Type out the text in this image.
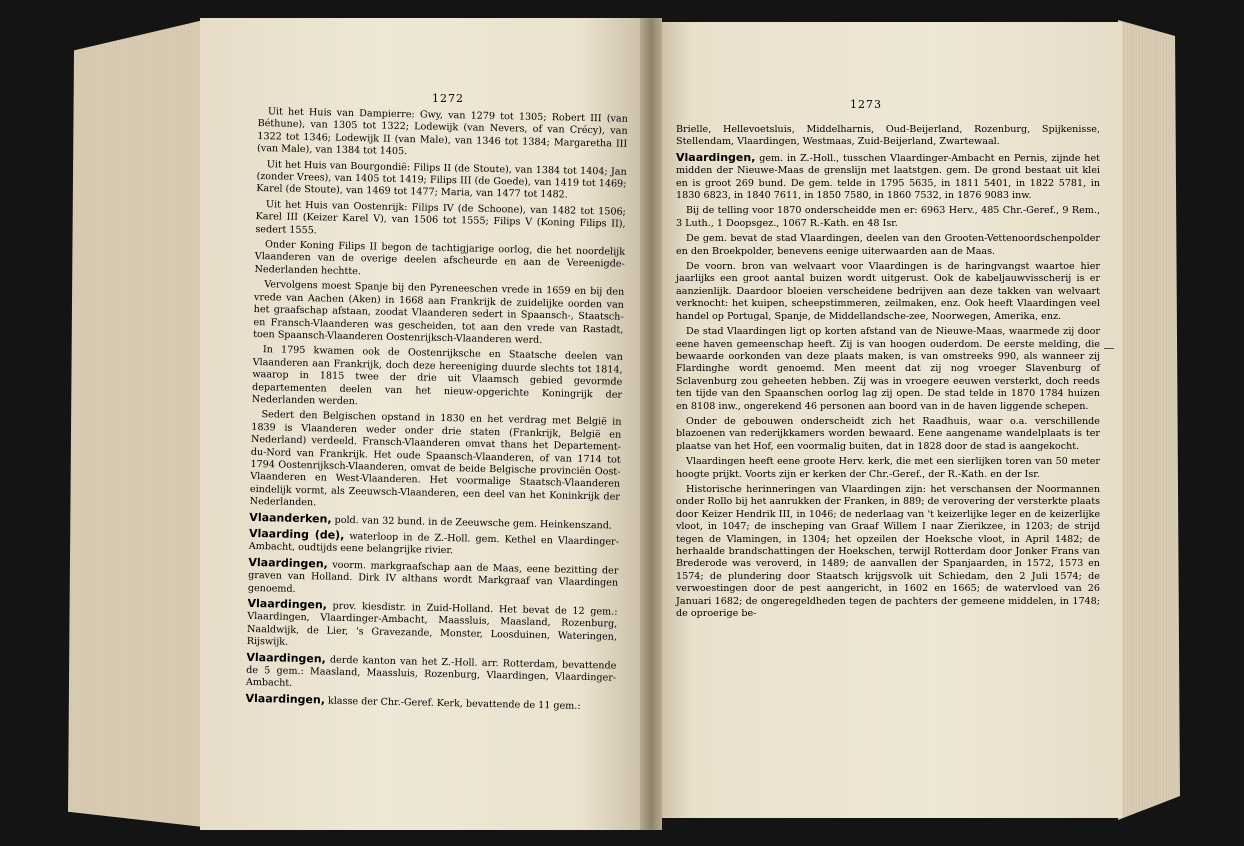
1272	1273

Uit het Huis van Dampierre: Gwy, van 1279 tot 1305; Robert III (van Béthune), van 1305 tot 1322; Lodewijk (van Nevers, of van Crécy), van 1322 tot 1346; Lodewijk II (van Male), van 1346 tot 1384; Margaretha III (van Male), van 1384 tot 1405.

Uit het Huis van Bourgondië: Filips II (de Stoute), van 1384 tot 1404; Jan (zonder Vrees), van 1405 tot 1419; Filips III (de Goede), van 1419 tot 1469; Karel (de Stoute), van 1469 tot 1477; Maria, van 1477 tot 1482.

Uit het Huis van Oostenrijk: Filips IV (de Schoone), van 1482 tot 1506; Karel III (Keizer Karel V), van 1506 tot 1555; Filips V (Koning Filips II), sedert 1555.

Onder Koning Filips II begon de tachtigjarige oorlog, die het noordelijk Vlaanderen van de overige deelen afscheurde en aan de Vereenigde-Nederlanden hechtte.

Vervolgens moest Spanje bij den Pyreneeschen vrede in 1659 en bij den vrede van Aachen (Aken) in 1668 aan Frankrijk de zuidelijke oorden van het graafschap afstaan, zoodat Vlaanderen sedert in Spaansch-, Staatsch- en Fransch-Vlaanderen was gescheiden, tot aan den vrede van Rastadt, toen Spaansch-Vlaanderen Oostenrijksch-Vlaanderen werd.

In 1795 kwamen ook de Oostenrijksche en Staatsche deelen van Vlaanderen aan Frankrijk, doch deze hereeniging duurde slechts tot 1814, waarop in 1815 twee der drie uit Vlaamsch gebied gevormde departementen deelen van het nieuw-opgerichte Koningrijk der Nederlanden werden.

Sedert den Belgischen opstand in 1830 en het verdrag met België in 1839 is Vlaanderen weder onder drie staten (Frankrijk, België en Nederland) verdeeld. Fransch-Vlaanderen omvat thans het Departement-du-Nord van Frankrijk. Het oude Spaansch-Vlaanderen, of van 1714 tot 1794 Oostenrijksch-Vlaanderen, omvat de beide Belgische provinciën Oost-Vlaanderen en West-Vlaanderen. Het voormalige Staatsch-Vlaanderen eindelijk vormt, als Zeeuwsch-Vlaanderen, een deel van het Koninkrijk der Nederlanden.

Vlaanderken, pold. van 32 bund. in de Zeeuwsche gem. Heinkenszand.

Vlaarding (de), waterloop in de Z.-Holl. gem. Kethel en Vlaardinger-Ambacht, oudtijds eene belangrijke rivier.

Vlaardingen, voorm. markgraafschap aan de Maas, eene bezitting der graven van Holland. Dirk IV althans wordt Markgraaf van Vlaardingen genoemd.

Vlaardingen, prov. kiesdistr. in Zuid-Holland. Het bevat de 12 gem.: Vlaardingen, Vlaardinger-Ambacht, Maassluis, Maasland, Rozenburg, Naaldwijk, de Lier, 's Gravezande, Monster, Loosduinen, Wateringen, Rijswijk.

Vlaardingen, derde kanton van het Z.-Holl. arr. Rotterdam, bevattende de 5 gem.: Maasland, Maassluis, Rozenburg, Vlaardingen, Vlaardinger-Ambacht.

Vlaardingen, klasse der Chr.-Geref. Kerk, bevattende de 11 gem.:

Brielle, Hellevoetsluis, Middelharnis, Oud-Beijerland, Rozenburg, Spijkenisse, Stellendam, Vlaardingen, Westmaas, Zuid-Beijerland, Zwartewaal.

Vlaardingen, gem. in Z.-Holl., tusschen Vlaardinger-Ambacht en Pernis, zijnde het midden der Nieuwe-Maas de grenslijn met laatstgen. gem. De grond bestaat uit klei en is groot 269 bund. De gem. telde in 1795 5635, in 1811 5401, in 1822 5781, in 1830 6823, in 1840 7611, in 1850 7580, in 1860 7532, in 1876 9083 inw.

Bij de telling voor 1870 onderscheidde men er: 6963 Herv., 485 Chr.-Geref., 9 Rem., 3 Luth., 1 Doopsgez., 1067 R.-Kath. en 48 Isr.

De gem. bevat de stad Vlaardingen, deelen van den Grooten-Vettenoordschenpolder en den Broekpolder, benevens eenige uiterwaarden aan de Maas.

De voorn. bron van welvaart voor Vlaardingen is de haringvangst waartoe hier jaarlijks een groot aantal buizen wordt uitgerust. Ook de kabeljauwvisscherij is er aanzienlijk. Daardoor bloeien verscheidene bedrijven aan deze takken van welvaart verknocht: het kuipen, scheepstimmeren, zeilmaken, enz. Ook heeft Vlaardingen veel handel op Portugal, Spanje, de Middellandsche-zee, Noorwegen, Amerika, enz.

De stad Vlaardingen ligt op korten afstand van de Nieuwe-Maas, waarmede zij door eene haven gemeenschap heeft. Zij is van hoogen ouderdom. De eerste melding, die bewaarde oorkonden van deze plaats maken, is van omstreeks 990, als wanneer zij Flardinghe wordt genoemd. Men meent dat zij nog vroeger Slavenburg of Sclavenburg zou geheeten hebben. Zij was in vroegere eeuwen versterkt, doch reeds ten tijde van den Spaanschen oorlog lag zij open. De stad telde in 1870 1784 huizen en 8108 inw., ongerekend 46 personen aan boord van in de haven liggende schepen.

Onder de gebouwen onderscheidt zich het Raadhuis, waar o.a. verschillende blazoenen van rederijkkamers worden bewaard. Eene aangename wandelplaats is ter plaatse van het Hof, een voormalig buiten, dat in 1828 door de stad is aangekocht.

Vlaardingen heeft eene groote Herv. kerk, die met een sierlijken toren van 50 meter hoogte prijkt. Voorts zijn er kerken der Chr.-Geref., der R.-Kath. en der Isr.

Historische herinneringen van Vlaardingen zijn: het verschansen der Noormannen onder Rollo bij het aanrukken der Franken, in 889; de verovering der versterkte plaats door Keizer Hendrik III, in 1046; de nederlaag van 't keizerlijke leger en de keizerlijke vloot, in 1047; de inscheping van Graaf Willem I naar Zierikzee, in 1203; de strijd tegen de Vlamingen, in 1304; het opzeilen der Hoeksche vloot, in April 1482; de herhaalde brandschattingen der Hoekschen, terwijl Rotterdam door Jonker Frans van Brederode was veroverd, in 1489; de aanvallen der Spanjaarden, in 1572, 1573 en 1574; de plundering door Staatsch krijgsvolk uit Schiedam, den 2 Juli 1574; de verwoestingen door de pest aangericht, in 1602 en 1665; de watervloed van 26 Januari 1682; de ongeregeldheden tegen de pachters der gemeene middelen, in 1748; de oproerige be-
